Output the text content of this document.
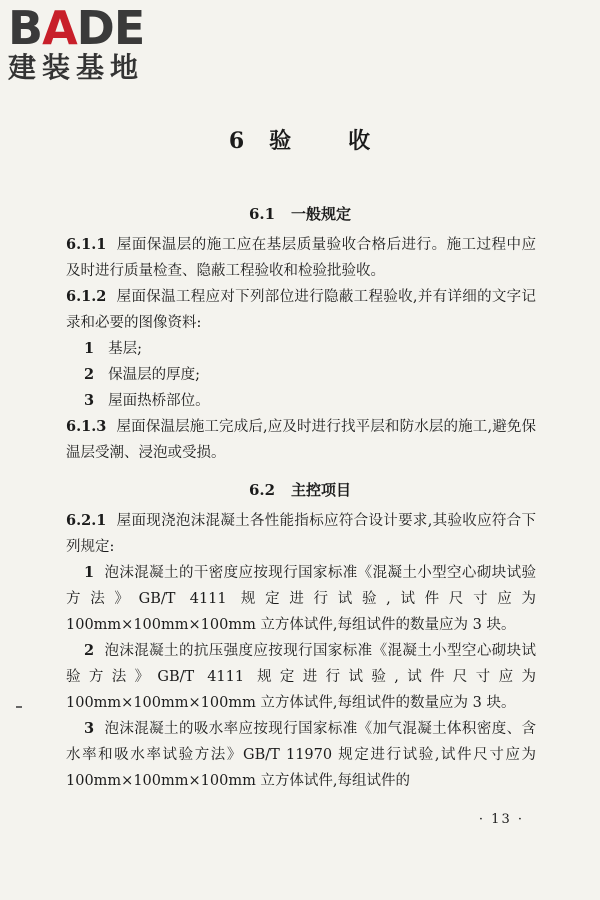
BADE
建装基地
6 验	收
6.1 一般规定

6.1.1 屋面保温层的施工应在基层质量验收合格后进行。施工过程中应及时进行质量检查、隐蔽工程验收和检验批验收。

6.1.2 屋面保温工程应对下列部位进行隐蔽工程验收,并有详细的文字记录和必要的图像资料:

1 基层;

2 保温层的厚度;

3 屋面热桥部位。

6.1.3 屋面保温层施工完成后,应及时进行找平层和防水层的施工,避免保温层受潮、浸泡或受损。

6.2 主控项目

6.2.1 屋面现浇泡沫混凝土各性能指标应符合设计要求,其验收应符合下列规定:

1 泡沫混凝土的干密度应按现行国家标准《混凝土小型空心砌块试验方法》GB/T 4111 规定进行试验,试件尺寸应为 100mm×100mm×100mm 立方体试件,每组试件的数量应为 3 块。

2 泡沫混凝土的抗压强度应按现行国家标准《混凝土小型空心砌块试验方法》GB/T 4111 规定进行试验,试件尺寸应为 100mm×100mm×100mm 立方体试件,每组试件的数量应为 3 块。

3 泡沫混凝土的吸水率应按现行国家标准《加气混凝土体积密度、含水率和吸水率试验方法》GB/T 11970 规定进行试验,试件尺寸应为 100mm×100mm×100mm 立方体试件,每组试件的

· 13 ·
